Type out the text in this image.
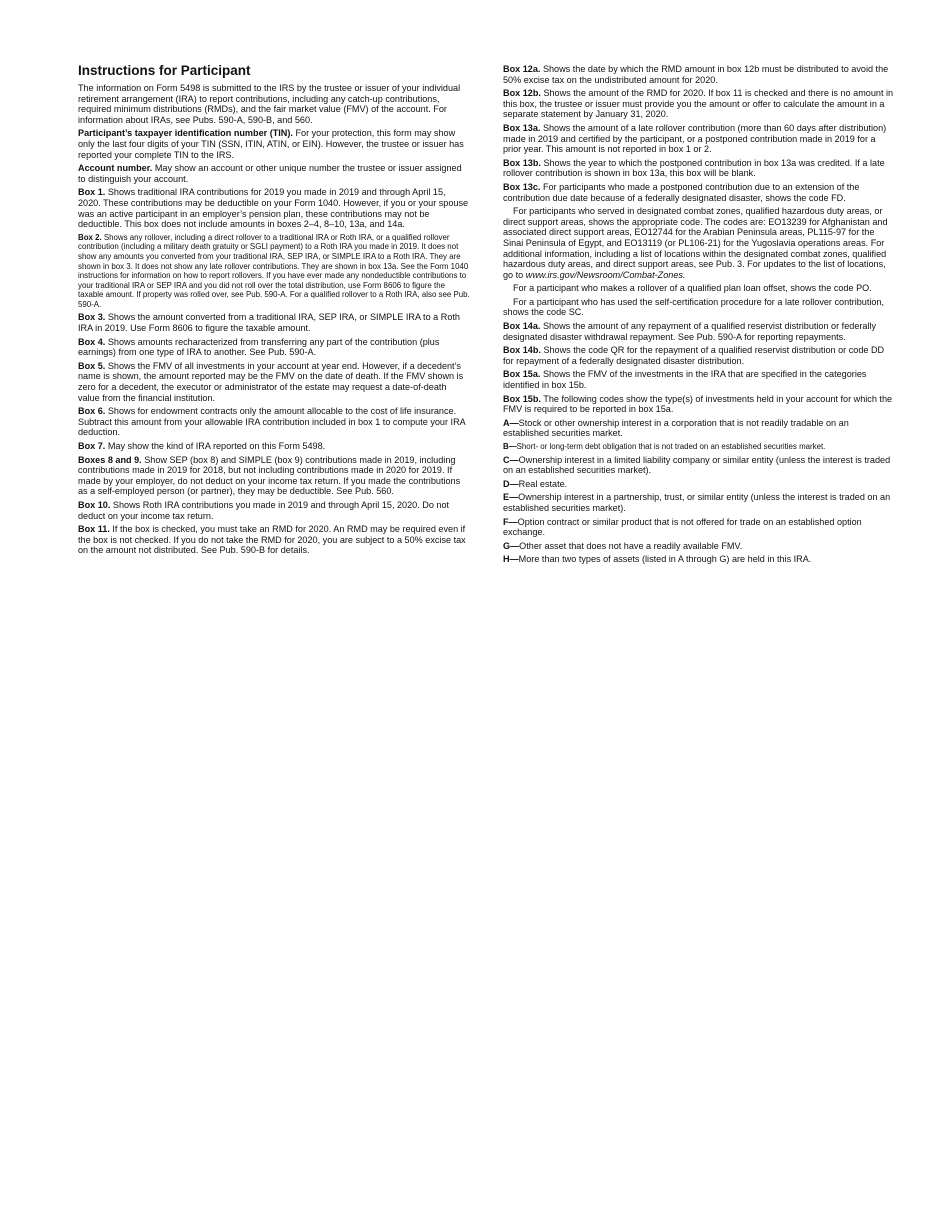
Instructions for Participant

The information on Form 5498 is submitted to the IRS by the trustee or issuer of your individual retirement arrangement (IRA) to report contributions, including any catch-up contributions, required minimum distributions (RMDs), and the fair market value (FMV) of the account. For information about IRAs, see Pubs. 590-A, 590-B, and 560.

Participant’s taxpayer identification number (TIN). For your protection, this form may show only the last four digits of your TIN (SSN, ITIN, ATIN, or EIN). However, the trustee or issuer has reported your complete TIN to the IRS.

Account number. May show an account or other unique number the trustee or issuer assigned to distinguish your account.

Box 1. Shows traditional IRA contributions for 2019 you made in 2019 and through April 15, 2020. These contributions may be deductible on your Form 1040. However, if you or your spouse was an active participant in an employer’s pension plan, these contributions may not be deductible. This box does not include amounts in boxes 2–4, 8–10, 13a, and 14a.

Box 2. Shows any rollover, including a direct rollover to a traditional IRA or Roth IRA, or a qualified rollover contribution (including a military death gratuity or SGLI payment) to a Roth IRA you made in 2019. It does not show any amounts you converted from your traditional IRA, SEP IRA, or SIMPLE IRA to a Roth IRA. They are shown in box 3. It does not show any late rollover contributions. They are shown in box 13a. See the Form 1040 instructions for information on how to report rollovers. If you have ever made any nondeductible contributions to your traditional IRA or SEP IRA and you did not roll over the total distribution, use Form 8606 to figure the taxable amount. If property was rolled over, see Pub. 590-A. For a qualified rollover to a Roth IRA, also see Pub. 590-A.

Box 3. Shows the amount converted from a traditional IRA, SEP IRA, or SIMPLE IRA to a Roth IRA in 2019. Use Form 8606 to figure the taxable amount.

Box 4. Shows amounts recharacterized from transferring any part of the contribution (plus earnings) from one type of IRA to another. See Pub. 590-A.

Box 5. Shows the FMV of all investments in your account at year end. However, if a decedent’s name is shown, the amount reported may be the FMV on the date of death. If the FMV shown is zero for a decedent, the executor or administrator of the estate may request a date-of-death value from the financial institution.

Box 6. Shows for endowment contracts only the amount allocable to the cost of life insurance. Subtract this amount from your allowable IRA contribution included in box 1 to compute your IRA deduction.

Box 7. May show the kind of IRA reported on this Form 5498.

Boxes 8 and 9. Show SEP (box 8) and SIMPLE (box 9) contributions made in 2019, including contributions made in 2019 for 2018, but not including contributions made in 2020 for 2019. If made by your employer, do not deduct on your income tax return. If you made the contributions as a self-employed person (or partner), they may be deductible. See Pub. 560.

Box 10. Shows Roth IRA contributions you made in 2019 and through April 15, 2020. Do not deduct on your income tax return.

Box 11. If the box is checked, you must take an RMD for 2020. An RMD may be required even if the box is not checked. If you do not take the RMD for 2020, you are subject to a 50% excise tax on the amount not distributed. See Pub. 590-B for details.

Box 12a. Shows the date by which the RMD amount in box 12b must be distributed to avoid the 50% excise tax on the undistributed amount for 2020.

Box 12b. Shows the amount of the RMD for 2020. If box 11 is checked and there is no amount in this box, the trustee or issuer must provide you the amount or offer to calculate the amount in a separate statement by January 31, 2020.

Box 13a. Shows the amount of a late rollover contribution (more than 60 days after distribution) made in 2019 and certified by the participant, or a postponed contribution made in 2019 for a prior year. This amount is not reported in box 1 or 2.

Box 13b. Shows the year to which the postponed contribution in box 13a was credited. If a late rollover contribution is shown in box 13a, this box will be blank.

Box 13c. For participants who made a postponed contribution due to an extension of the contribution due date because of a federally designated disaster, shows the code FD.

For participants who served in designated combat zones, qualified hazardous duty areas, or direct support areas, shows the appropriate code. The codes are: EO13239 for Afghanistan and associated direct support areas, EO12744 for the Arabian Peninsula areas, PL115-97 for the Sinai Peninsula of Egypt, and EO13119 (or PL106-21) for the Yugoslavia operations areas. For additional information, including a list of locations within the designated combat zones, qualified hazardous duty areas, and direct support areas, see Pub. 3. For updates to the list of locations, go to www.irs.gov/Newsroom/Combat-Zones.

For a participant who makes a rollover of a qualified plan loan offset, shows the code PO.

For a participant who has used the self-certification procedure for a late rollover contribution, shows the code SC.

Box 14a. Shows the amount of any repayment of a qualified reservist distribution or federally designated disaster withdrawal repayment. See Pub. 590-A for reporting repayments.

Box 14b. Shows the code QR for the repayment of a qualified reservist distribution or code DD for repayment of a federally designated disaster distribution.

Box 15a. Shows the FMV of the investments in the IRA that are specified in the categories identified in box 15b.

Box 15b. The following codes show the type(s) of investments held in your account for which the FMV is required to be reported in box 15a.

A—Stock or other ownership interest in a corporation that is not readily tradable on an established securities market.

B—Short- or long-term debt obligation that is not traded on an established securities market.

C—Ownership interest in a limited liability company or similar entity (unless the interest is traded on an established securities market).

D—Real estate.

E—Ownership interest in a partnership, trust, or similar entity (unless the interest is traded on an established securities market).

F—Option contract or similar product that is not offered for trade on an established option exchange.

G—Other asset that does not have a readily available FMV.

H—More than two types of assets (listed in A through G) are held in this IRA.
